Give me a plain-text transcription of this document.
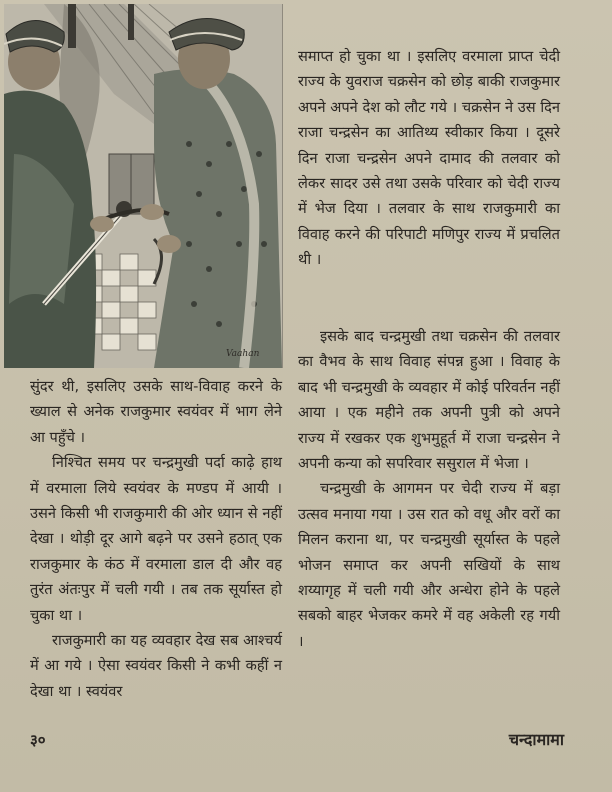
Vaahan

समाप्त हो चुका था । इसलिए वरमाला प्राप्त चेदी राज्य के युवराज चक्रसेन को छोड़ बाकी राजकुमार अपने अपने देश को लौट गये । चक्रसेन ने उस दिन राजा चन्द्रसेन का आतिथ्य स्वीकार किया । दूसरे दिन राजा चन्द्रसेन अपने दामाद की तलवार को लेकर सादर उसे तथा उसके परिवार को चेदी राज्य में भेज दिया । तलवार के साथ राजकुमारी का विवाह करने की परिपाटी मणिपुर राज्य में प्रचलित थी ।

इसके बाद चन्द्रमुखी तथा चक्रसेन की तलवार का वैभव के साथ विवाह संपन्न हुआ । विवाह के बाद भी चन्द्रमुखी के व्यवहार में कोई परिवर्तन नहीं आया । एक महीने तक अपनी पुत्री को अपने राज्य में रखकर एक शुभमुहूर्त में राजा चन्द्रसेन ने अपनी कन्या को सपरिवार ससुराल में भेजा ।

चन्द्रमुखी के आगमन पर चेदी राज्य में बड़ा उत्सव मनाया गया । उस रात को वधू और वरों का मिलन कराना था, पर चन्द्रमुखी सूर्यास्त के पहले भोजन समाप्त कर अपनी सखियों के साथ शय्यागृह में चली गयी और अन्धेरा होने के पहले सबको बाहर भेजकर कमरे में वह अकेली रह गयी ।

सुंदर थी, इसलिए उसके साथ-विवाह करने के ख्याल से अनेक राजकुमार स्वयंवर में भाग लेने आ पहुँचे ।

निश्चित समय पर चन्द्रमुखी पर्दा काढ़े हाथ में वरमाला लिये स्वयंवर के मण्डप में आयी । उसने किसी भी राजकुमारी की ओर ध्यान से नहीं देखा । थोड़ी दूर आगे बढ़ने पर उसने हठात् एक राजकुमार के कंठ में वरमाला डाल दी और वह तुरंत अंतःपुर में चली गयी । तब तक सूर्यास्त हो चुका था ।

राजकुमारी का यह व्यवहार देख सब आश्चर्य में आ गये । ऐसा स्वयंवर किसी ने कभी कहीं न देखा था । स्वयंवर

३०	चन्दामामा
